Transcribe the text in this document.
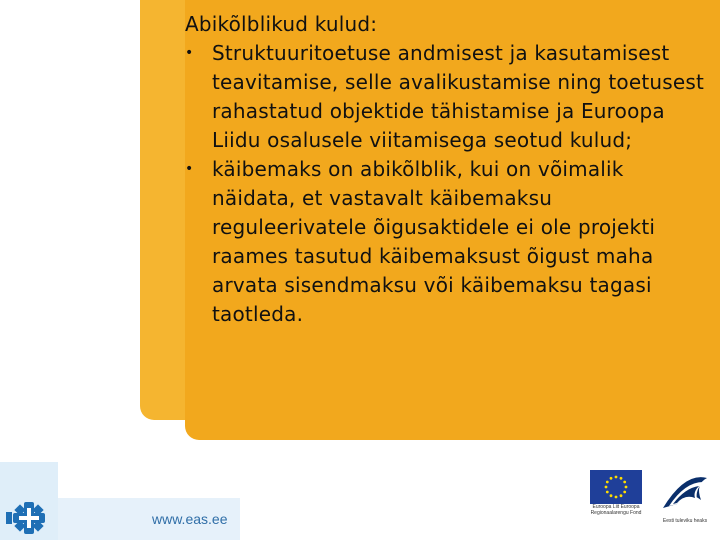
Abikõlblikud kulud:

• Struktuuritoetuse andmisest ja kasutamisest teavitamise, selle avalikustamise ning toetusest rahastatud objektide tähistamise ja Euroopa Liidu osalusele viitamisega seotud kulud;
• käibemaks on abikõlblik, kui on võimalik näidata, et vastavalt käibemaksu reguleerivatele õigusaktidele ei ole projekti raames tasutud käibemaksust õigust maha arvata sisendmaksu või käibemaksu tagasi taotleda.
www.eas.ee
Euroopa Liit Euroopa Regionaalarengu Fond
Eesti tuleviku heaks
